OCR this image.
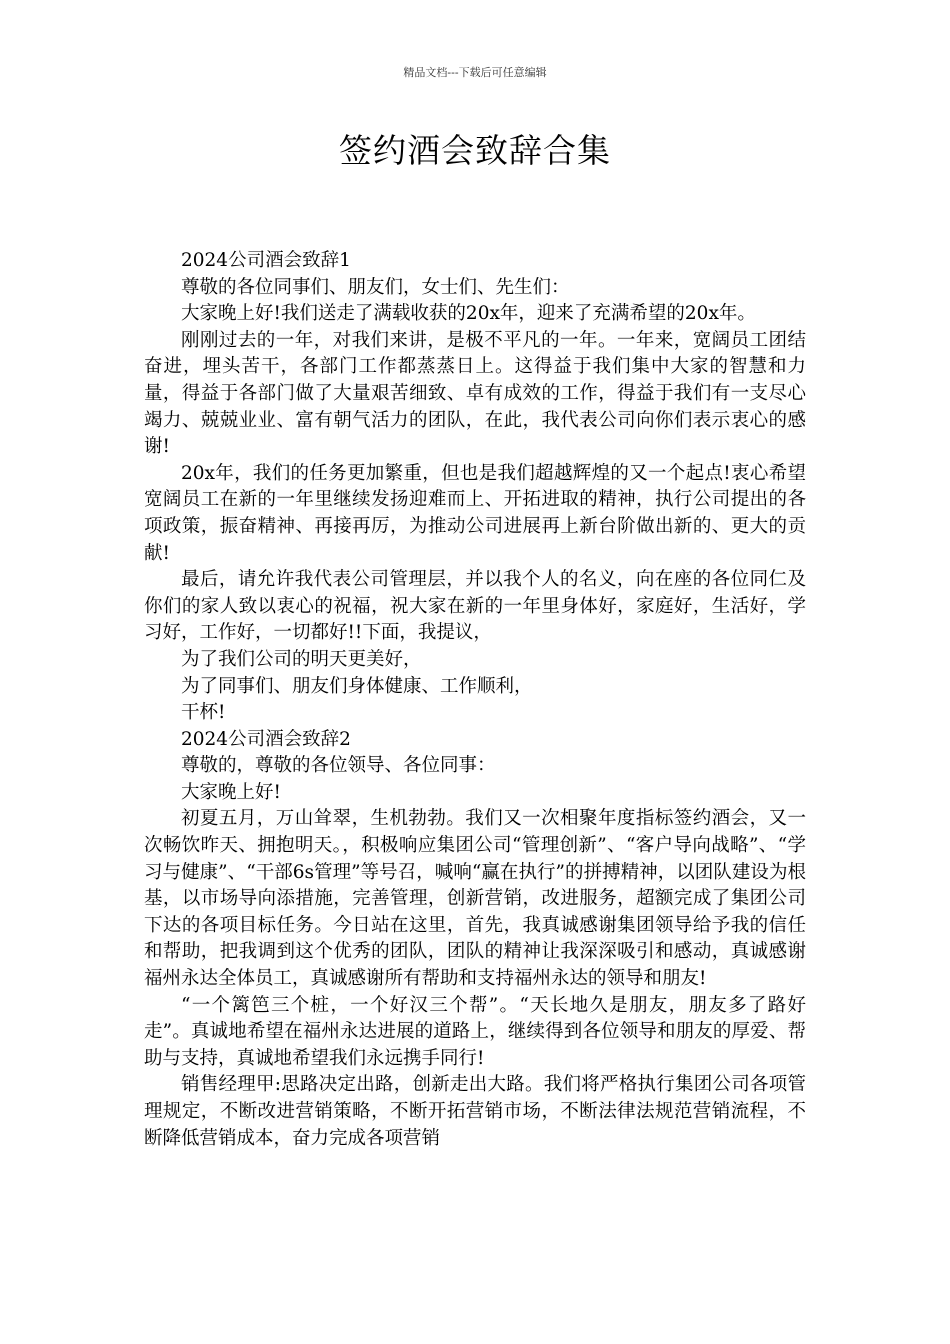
精品文档---下载后可任意编辑
签约酒会致辞合集

2024公司酒会致辞1

尊敬的各位同事们、朋友们，女士们、先生们：

大家晚上好!我们送走了满载收获的20x年，迎来了充满希望的20x年。

刚刚过去的一年，对我们来讲，是极不平凡的一年。一年来，宽阔员工团结奋进，埋头苦干，各部门工作都蒸蒸日上。这得益于我们集中大家的智慧和力量，得益于各部门做了大量艰苦细致、卓有成效的工作，得益于我们有一支尽心竭力、兢兢业业、富有朝气活力的团队，在此，我代表公司向你们表示衷心的感谢!

20x年，我们的任务更加繁重，但也是我们超越辉煌的又一个起点!衷心希望宽阔员工在新的一年里继续发扬迎难而上、开拓进取的精神，执行公司提出的各项政策，振奋精神、再接再厉，为推动公司进展再上新台阶做出新的、更大的贡献!

最后，请允许我代表公司管理层，并以我个人的名义，向在座的各位同仁及你们的家人致以衷心的祝福，祝大家在新的一年里身体好，家庭好，生活好，学习好，工作好，一切都好!!下面，我提议，

为了我们公司的明天更美好，

为了同事们、朋友们身体健康、工作顺利，

干杯!

2024公司酒会致辞2

尊敬的，尊敬的各位领导、各位同事：

大家晚上好!

初夏五月，万山耸翠，生机勃勃。我们又一次相聚年度指标签约酒会，又一次畅饮昨天、拥抱明天。，积极响应集团公司“管理创新”、“客户导向战略”、“学习与健康”、“干部6s管理”等号召，喊响“赢在执行”的拼搏精神，以团队建设为根基，以市场导向添措施，完善管理，创新营销，改进服务，超额完成了集团公司下达的各项目标任务。今日站在这里，首先，我真诚感谢集团领导给予我的信任和帮助，把我调到这个优秀的团队，团队的精神让我深深吸引和感动，真诚感谢福州永达全体员工，真诚感谢所有帮助和支持福州永达的领导和朋友!

“一个篱笆三个桩，一个好汉三个帮”。“天长地久是朋友，朋友多了路好走”。真诚地希望在福州永达进展的道路上，继续得到各位领导和朋友的厚爱、帮助与支持，真诚地希望我们永远携手同行!

销售经理甲:思路决定出路，创新走出大路。我们将严格执行集团公司各项管理规定，不断改进营销策略，不断开拓营销市场，不断法律法规范营销流程，不断降低营销成本，奋力完成各项营销
